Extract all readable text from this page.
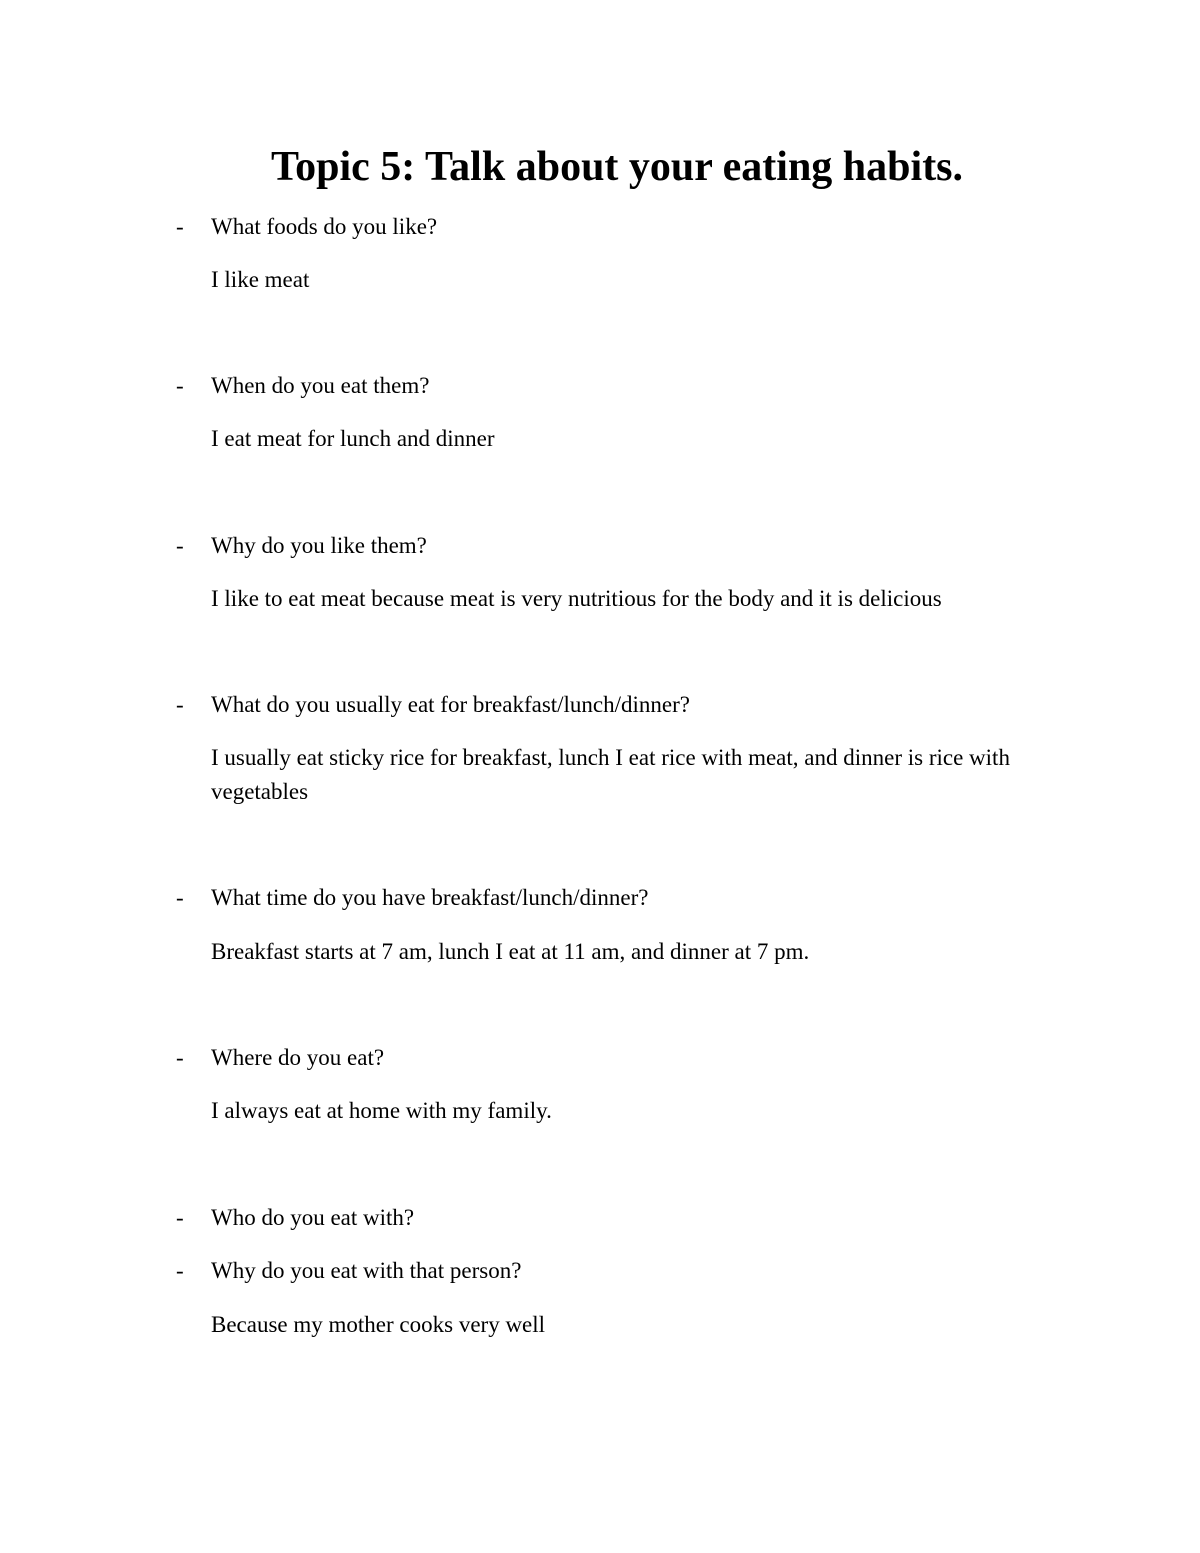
Topic 5: Talk about your eating habits.
- What foods do you like?
I like meat
- When do you eat them?
I eat meat for lunch and dinner
- Why do you like them?
I like to eat meat because meat is very nutritious for the body and it is delicious
- What do you usually eat for breakfast/lunch/dinner?
I usually eat sticky rice for breakfast, lunch I eat rice with meat, and dinner is rice with vegetables
- What time do you have breakfast/lunch/dinner?
Breakfast starts at 7 am, lunch I eat at 11 am, and dinner at 7 pm.
- Where do you eat?
I always eat at home with my family.
- Who do you eat with?
- Why do you eat with that person?
Because my mother cooks very well
